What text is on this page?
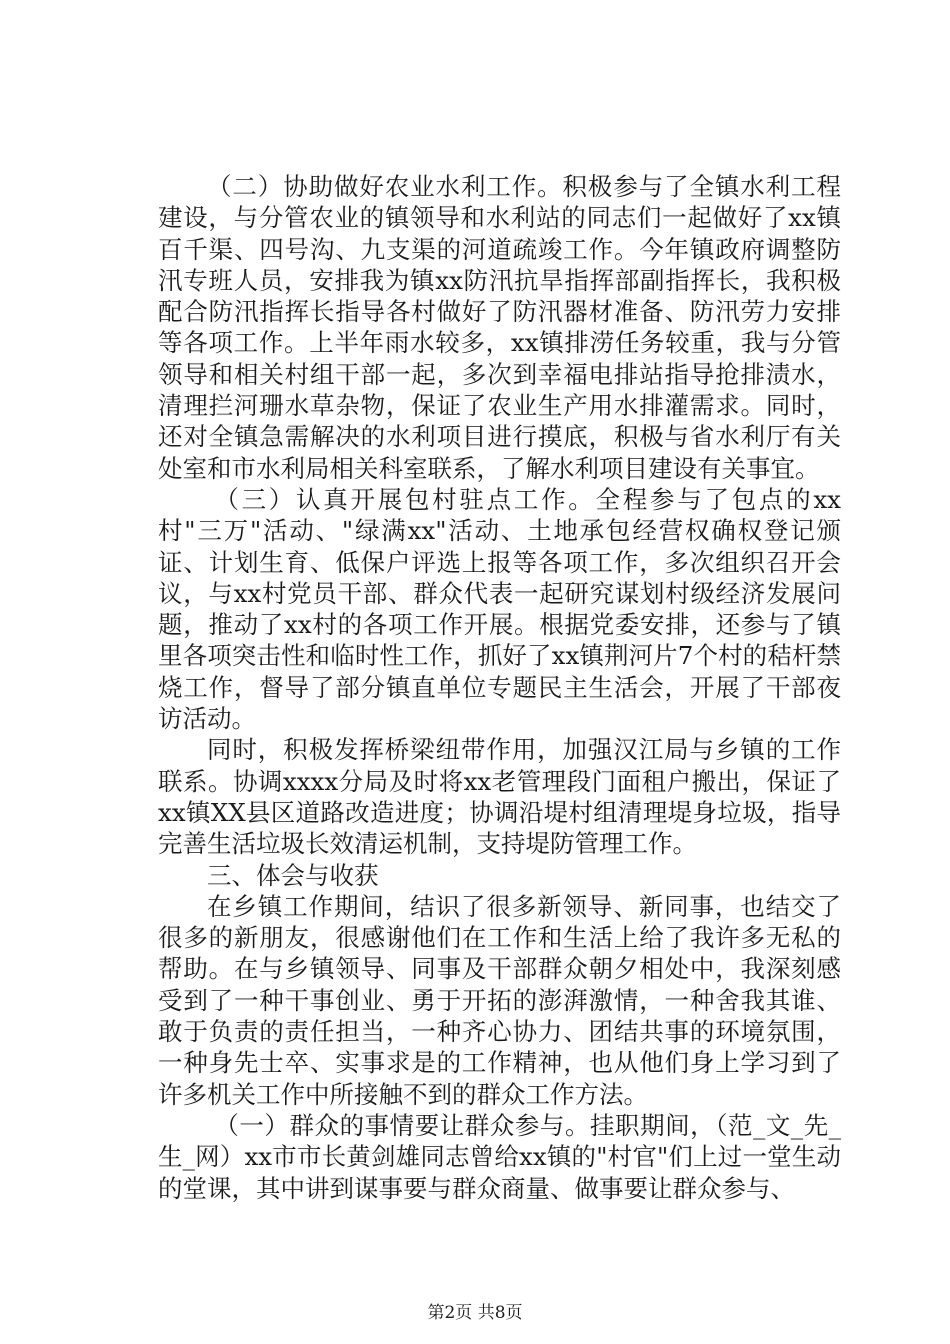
（二）协助做好农业水利工作。积极参与了全镇水利工程建设，与分管农业的镇领导和水利站的同志们一起做好了xx镇百千渠、四号沟、九支渠的河道疏竣工作。今年镇政府调整防汛专班人员，安排我为镇xx防汛抗旱指挥部副指挥长，我积极配合防汛指挥长指导各村做好了防汛器材准备、防汛劳力安排等各项工作。上半年雨水较多，xx镇排涝任务较重，我与分管领导和相关村组干部一起，多次到幸福电排站指导抢排渍水，清理拦河珊水草杂物，保证了农业生产用水排灌需求。同时，还对全镇急需解决的水利项目进行摸底，积极与省水利厅有关处室和市水利局相关科室联系，了解水利项目建设有关事宜。

（三）认真开展包村驻点工作。全程参与了包点的xx村"三万"活动、"绿满xx"活动、土地承包经营权确权登记颁证、计划生育、低保户评选上报等各项工作，多次组织召开会议，与xx村党员干部、群众代表一起研究谋划村级经济发展问题，推动了xx村的各项工作开展。根据党委安排，还参与了镇里各项突击性和临时性工作，抓好了xx镇荆河片7个村的秸杆禁烧工作，督导了部分镇直单位专题民主生活会，开展了干部夜访活动。

同时，积极发挥桥梁纽带作用，加强汉江局与乡镇的工作联系。协调xxxx分局及时将xx老管理段门面租户搬出，保证了xx镇XX县区道路改造进度；协调沿堤村组清理堤身垃圾，指导完善生活垃圾长效清运机制，支持堤防管理工作。

三、体会与收获

在乡镇工作期间，结识了很多新领导、新同事，也结交了很多的新朋友，很感谢他们在工作和生活上给了我许多无私的帮助。在与乡镇领导、同事及干部群众朝夕相处中，我深刻感受到了一种干事创业、勇于开拓的澎湃激情，一种舍我其谁、敢于负责的责任担当，一种齐心协力、团结共事的环境氛围，一种身先士卒、实事求是的工作精神，也从他们身上学习到了许多机关工作中所接触不到的群众工作方法。

（一）群众的事情要让群众参与。挂职期间，（范_文_先_生_网）xx市市长黄剑雄同志曾给xx镇的"村官"们上过一堂生动的堂课，其中讲到谋事要与群众商量、做事要让群众参与、

第2页 共8页
